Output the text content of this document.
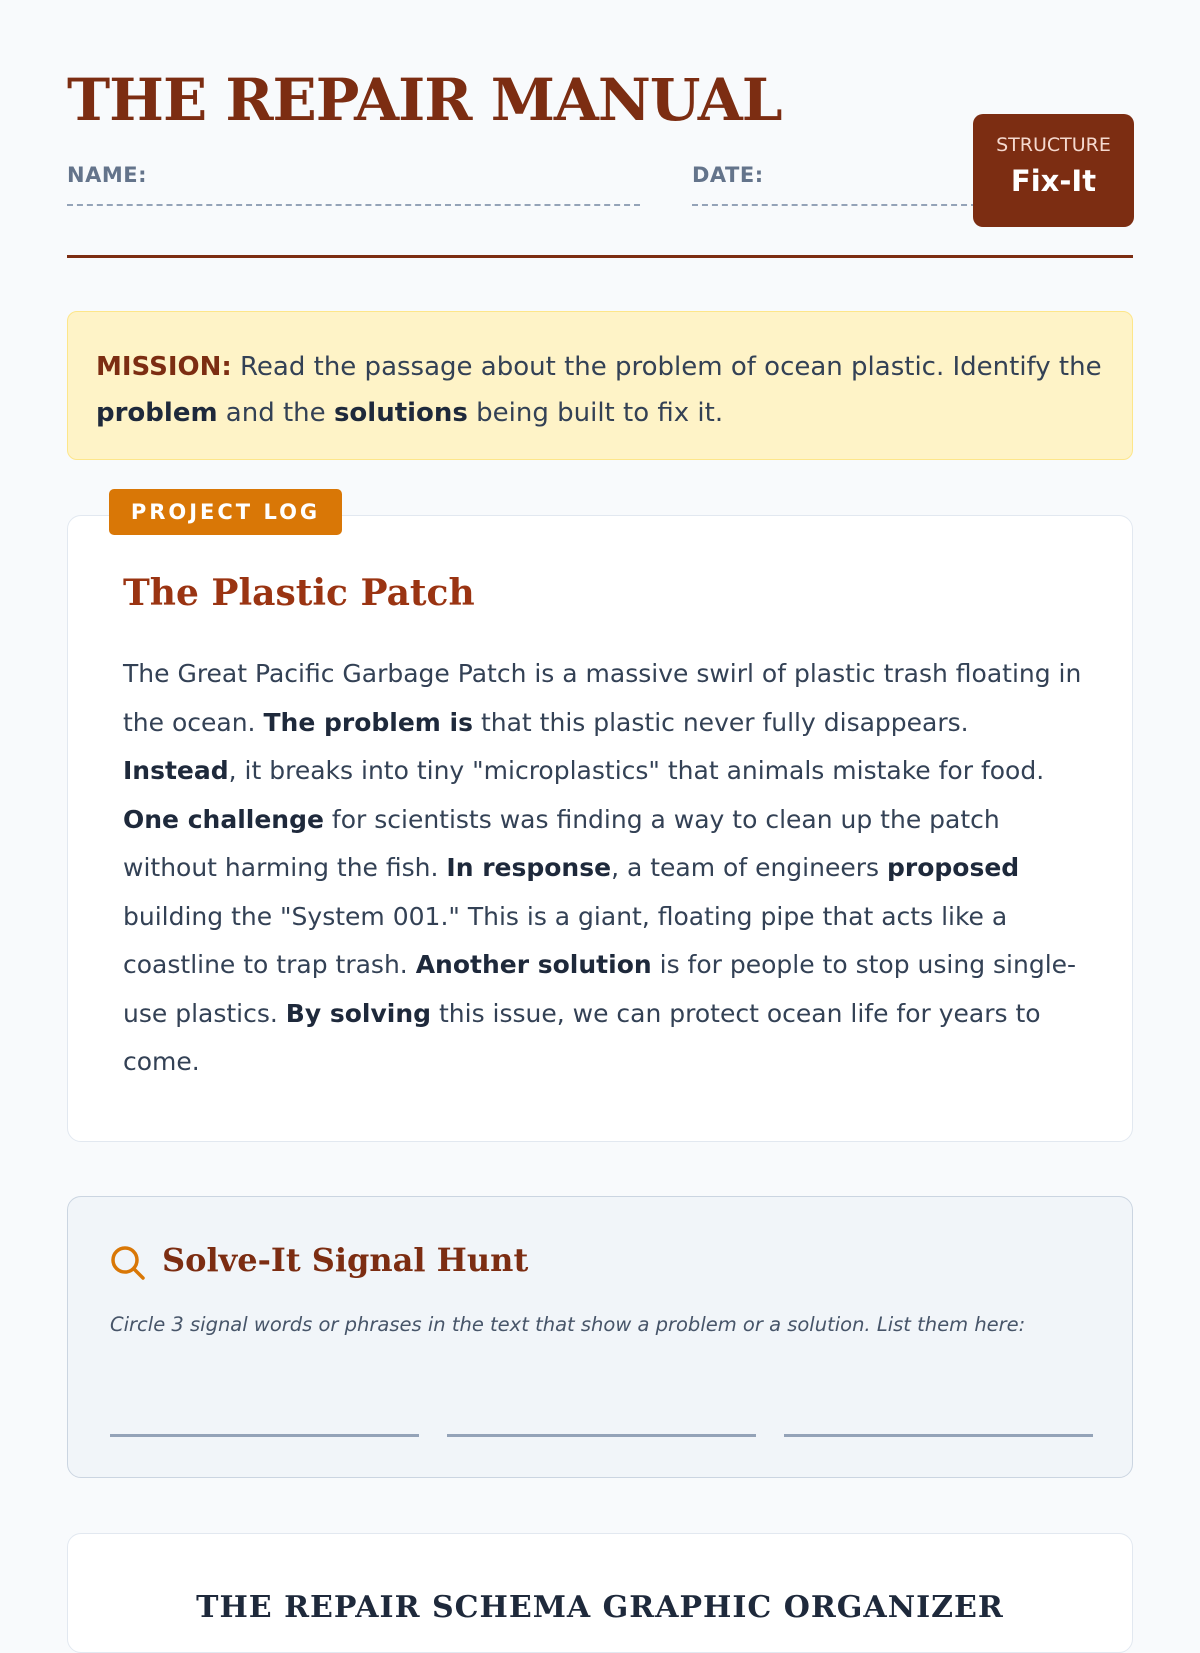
THE REPAIR MANUAL
NAME:	DATE:
STRUCTURE
Fix-It
MISSION: Read the passage about the problem of ocean plastic. Identify the problem and the solutions being built to fix it.
PROJECT LOG
The Plastic Patch

The Great Pacific Garbage Patch is a massive swirl of plastic trash floating in the ocean. The problem is that this plastic never fully disappears. Instead, it breaks into tiny "microplastics" that animals mistake for food. One challenge for scientists was finding a way to clean up the patch without harming the fish. In response, a team of engineers proposed building the "System 001." This is a giant, floating pipe that acts like a coastline to trap trash. Another solution is for people to stop using single-use plastics. By solving this issue, we can protect ocean life for years to come.

Solve-It Signal Hunt

Circle 3 signal words or phrases in the text that show a problem or a solution. List them here:

THE REPAIR SCHEMA GRAPHIC ORGANIZER
